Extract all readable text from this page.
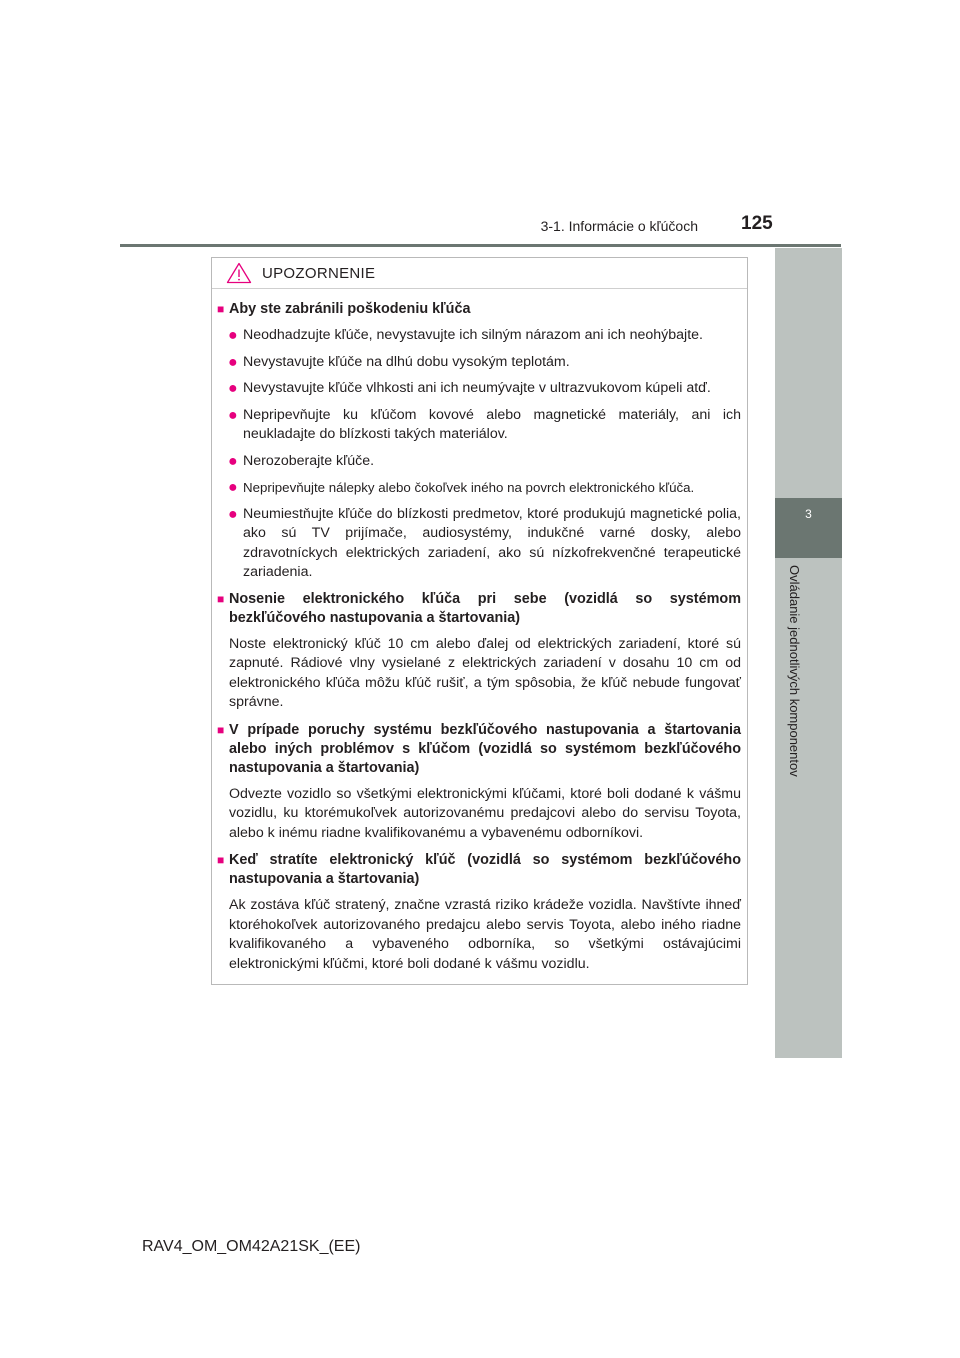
3-1. Informácie o kľúčoch 125
3
Ovládanie jednotlivých komponentov
UPOZORNENIE
■ Aby ste zabránili poškodeniu kľúča
● Neodhadzujte kľúče, nevystavujte ich silným nárazom ani ich neohýbajte.
● Nevystavujte kľúče na dlhú dobu vysokým teplotám.
● Nevystavujte kľúče vlhkosti ani ich neumývajte v ultrazvukovom kúpeli atď.
● Nepripevňujte ku kľúčom kovové alebo magnetické materiály, ani ich neukladajte do blízkosti takých materiálov.
● Nerozoberajte kľúče.
● Nepripevňujte nálepky alebo čokoľvek iného na povrch elektronického kľúča.
● Neumiestňujte kľúče do blízkosti predmetov, ktoré produkujú magnetické polia, ako sú TV prijímače, audiosystémy, indukčné varné dosky, alebo zdravotníckych elektrických zariadení, ako sú nízkofrekvenčné terapeutické zariadenia.
■ Nosenie elektronického kľúča pri sebe (vozidlá so systémom bezkľúčového nastupovania a štartovania)
Noste elektronický kľúč 10 cm alebo ďalej od elektrických zariadení, ktoré sú zapnuté. Rádiové vlny vysielané z elektrických zariadení v dosahu 10 cm od elektronického kľúča môžu kľúč rušiť, a tým spôsobia, že kľúč nebude fungovať správne.
■ V prípade poruchy systému bezkľúčového nastupovania a štartovania alebo iných problémov s kľúčom (vozidlá so systémom bezkľúčového nastupovania a štartovania)
Odvezte vozidlo so všetkými elektronickými kľúčami, ktoré boli dodané k vášmu vozidlu, ku ktorémukoľvek autorizovanému predajcovi alebo do servisu Toyota, alebo k inému riadne kvalifikovanému a vybavenému odborníkovi.
■ Keď stratíte elektronický kľúč (vozidlá so systémom bezkľúčového nastupovania a štartovania)
Ak zostáva kľúč stratený, značne vzrastá riziko krádeže vozidla. Navštívte ihneď ktoréhokoľvek autorizovaného predajcu alebo servis Toyota, alebo iného riadne kvalifikovaného a vybaveného odborníka, so všetkými ostávajúcimi elektronickými kľúčmi, ktoré boli dodané k vášmu vozidlu.
RAV4_OM_OM42A21SK_(EE)
